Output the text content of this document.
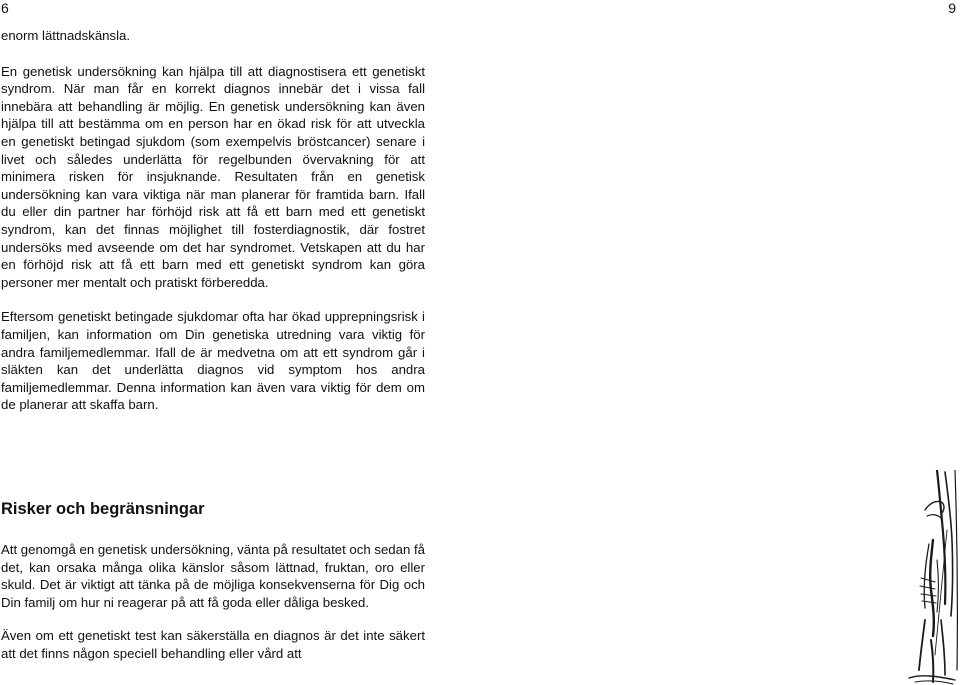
6	9

enorm lättnadskänsla.

En genetisk undersökning kan hjälpa till att diagnostisera ett genetiskt syndrom. När man får en korrekt diagnos innebär det i vissa fall innebära att behandling är möjlig. En genetisk undersökning kan även hjälpa till att bestämma om en person har en ökad risk för att utveckla en genetiskt betingad sjukdom (som exempelvis bröstcancer) senare i livet och således underlätta för regelbunden övervakning för att minimera risken för insjuknande. Resultaten från en genetisk undersökning kan vara viktiga när man planerar för framtida barn. Ifall du eller din partner har förhöjd risk att få ett barn med ett genetiskt syndrom, kan det finnas möjlighet till fosterdiagnostik, där fostret undersöks med avseende om det har syndromet. Vetskapen att du har en förhöjd risk att få ett barn med ett genetiskt syndrom kan göra personer mer mentalt och pratiskt förberedda.

Eftersom genetiskt betingade sjukdomar ofta har ökad upprepningsrisk i familjen, kan information om Din genetiska utredning vara viktig för andra familjemedlemmar. Ifall de är medvetna om att ett syndrom går i släkten kan det underlätta diagnos vid symptom hos andra familjemedlemmar. Denna information kan även vara viktig för dem om de planerar att skaffa barn.

Risker och begränsningar

Att genomgå en genetisk undersökning, vänta på resultatet och sedan få det, kan orsaka många olika känslor såsom lättnad, fruktan, oro eller skuld. Det är viktigt att tänka på de möjliga konsekvenserna för Dig och Din familj om hur ni reagerar på att få goda eller dåliga besked.

Även om ett genetiskt test kan säkerställa en diagnos är det inte säkert att det finns någon speciell behandling eller vård att
